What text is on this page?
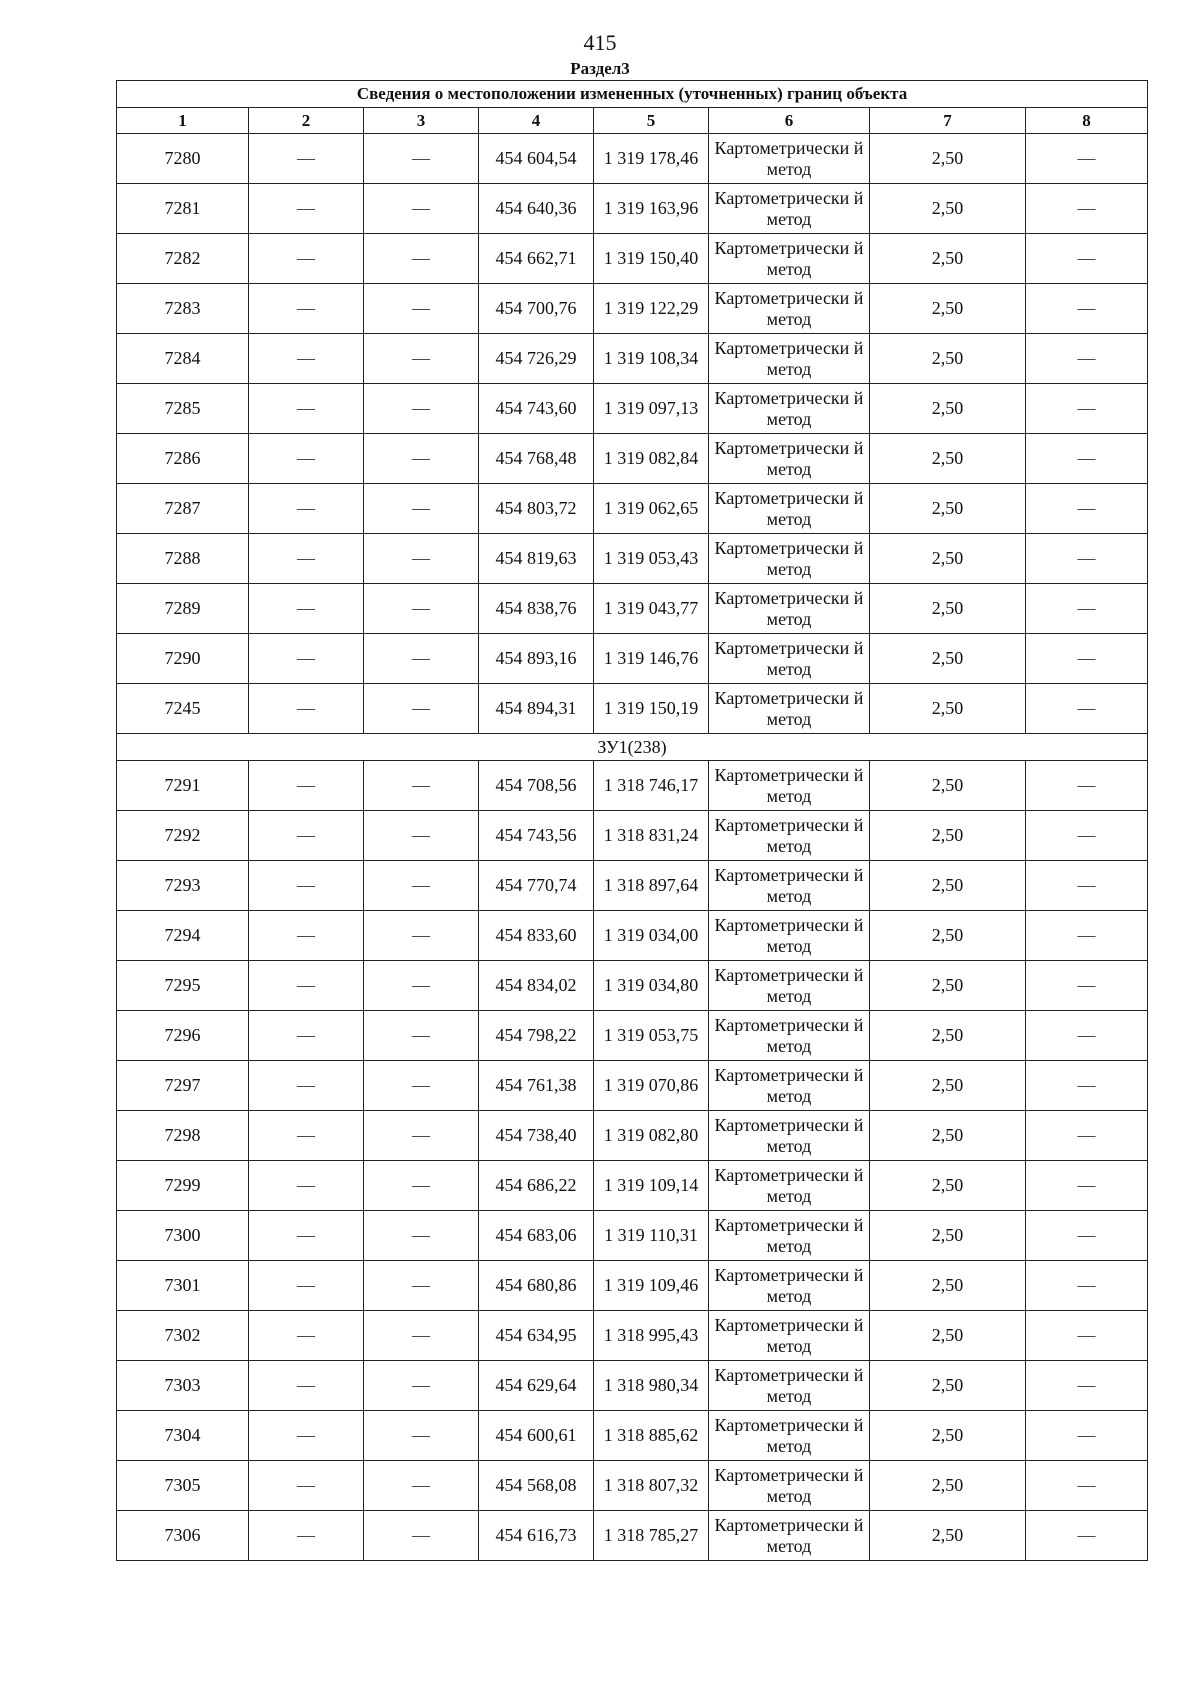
415
Раздел3
Сведения о местоположении измененных (уточненных) границ объекта							
1	2	3	4	5	6	7	8
7280	—	—	454 604,54	1 319 178,46	Картометрически й метод	2,50	—
7281	—	—	454 640,36	1 319 163,96	Картометрически й метод	2,50	—
7282	—	—	454 662,71	1 319 150,40	Картометрически й метод	2,50	—
7283	—	—	454 700,76	1 319 122,29	Картометрически й метод	2,50	—
7284	—	—	454 726,29	1 319 108,34	Картометрически й метод	2,50	—
7285	—	—	454 743,60	1 319 097,13	Картометрически й метод	2,50	—
7286	—	—	454 768,48	1 319 082,84	Картометрически й метод	2,50	—
7287	—	—	454 803,72	1 319 062,65	Картометрически й метод	2,50	—
7288	—	—	454 819,63	1 319 053,43	Картометрически й метод	2,50	—
7289	—	—	454 838,76	1 319 043,77	Картометрически й метод	2,50	—
7290	—	—	454 893,16	1 319 146,76	Картометрически й метод	2,50	—
7245	—	—	454 894,31	1 319 150,19	Картометрически й метод	2,50	—
ЗУ1(238)							
7291	—	—	454 708,56	1 318 746,17	Картометрически й метод	2,50	—
7292	—	—	454 743,56	1 318 831,24	Картометрически й метод	2,50	—
7293	—	—	454 770,74	1 318 897,64	Картометрически й метод	2,50	—
7294	—	—	454 833,60	1 319 034,00	Картометрически й метод	2,50	—
7295	—	—	454 834,02	1 319 034,80	Картометрически й метод	2,50	—
7296	—	—	454 798,22	1 319 053,75	Картометрически й метод	2,50	—
7297	—	—	454 761,38	1 319 070,86	Картометрически й метод	2,50	—
7298	—	—	454 738,40	1 319 082,80	Картометрически й метод	2,50	—
7299	—	—	454 686,22	1 319 109,14	Картометрически й метод	2,50	—
7300	—	—	454 683,06	1 319 110,31	Картометрически й метод	2,50	—
7301	—	—	454 680,86	1 319 109,46	Картометрически й метод	2,50	—
7302	—	—	454 634,95	1 318 995,43	Картометрически й метод	2,50	—
7303	—	—	454 629,64	1 318 980,34	Картометрически й метод	2,50	—
7304	—	—	454 600,61	1 318 885,62	Картометрически й метод	2,50	—
7305	—	—	454 568,08	1 318 807,32	Картометрически й метод	2,50	—
7306	—	—	454 616,73	1 318 785,27	Картометрически й метод	2,50	—
